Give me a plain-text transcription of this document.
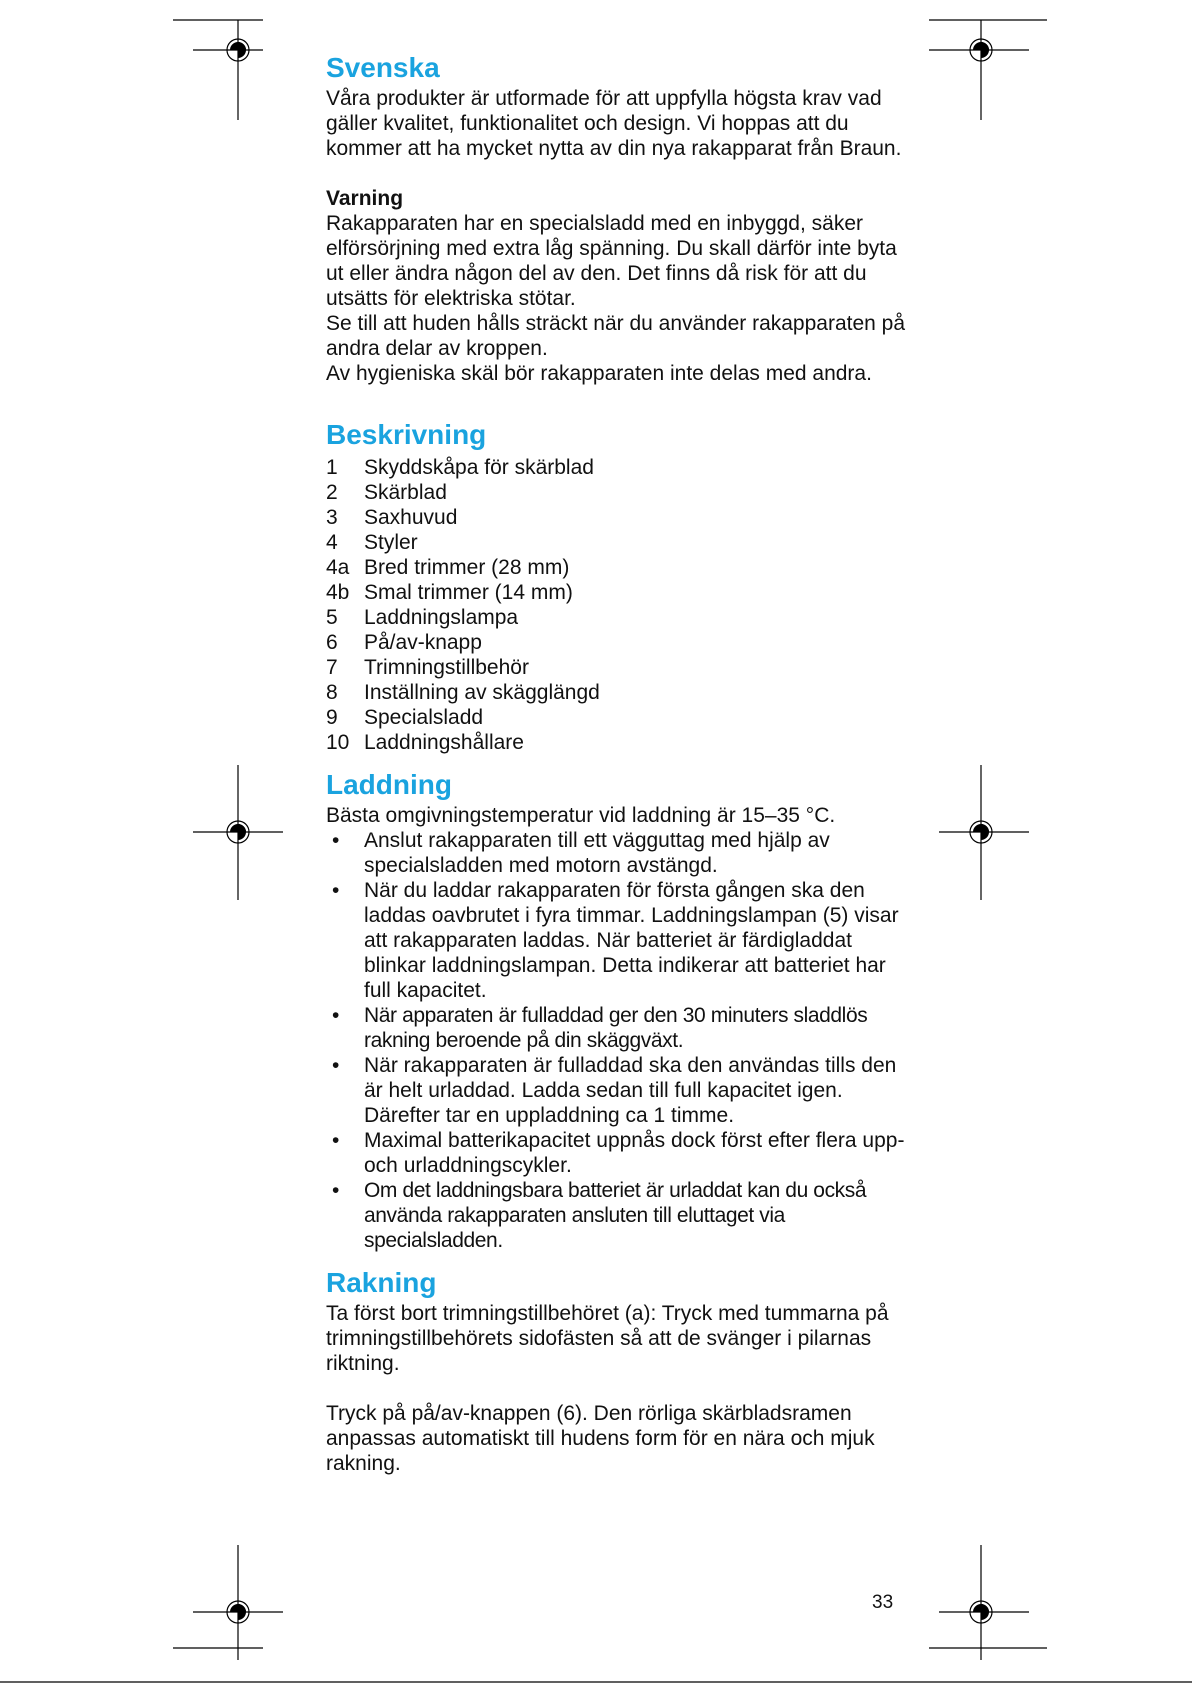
Svenska

Våra produkter är utformade för att uppfylla högsta krav vad gäller kvalitet, funktionalitet och design. Vi hoppas att du kommer att ha mycket nytta av din nya rakapparat från Braun.

Varning

Rakapparaten har en specialsladd med en inbyggd, säker elförsörjning med extra låg spänning. Du skall därför inte byta ut eller ändra någon del av den. Det finns då risk för att du utsätts för elektriska stötar.

Se till att huden hålls sträckt när du använder rakapparaten på andra delar av kroppen.

Av hygieniska skäl bör rakapparaten inte delas med andra.

Beskrivning
1	Skyddskåpa för skärblad
2	Skärblad
3	Saxhuvud
4	Styler
4a Bred trimmer (28 mm)
4b Smal trimmer (14 mm)
5	Laddningslampa
6	På/av-knapp
7	Trimningstillbehör
8	Inställning av skägglängd
9	Specialsladd
10 Laddningshållare
Laddning

Bästa omgivningstemperatur vid laddning är 15–35 °C.

•	Anslut rakapparaten till ett vägguttag med hjälp av specialsladden med motorn avstängd.
•	När du laddar rakapparaten för första gången ska den laddas oavbrutet i fyra timmar. Laddningslampan (5) visar att rakapparaten laddas. När batteriet är färdigladdat blinkar laddningslampan. Detta indikerar att batteriet har full kapacitet.
•	När apparaten är fulladdad ger den 30 minuters sladdlös rakning beroende på din skäggväxt.
•	När rakapparaten är fulladdad ska den användas tills den är helt urladdad. Ladda sedan till full kapacitet igen. Därefter tar en uppladdning ca 1 timme.
•	Maximal batterikapacitet uppnås dock först efter flera upp- och urladdningscykler.
•	Om det laddningsbara batteriet är urladdat kan du också använda rakapparaten ansluten till eluttaget via specialsladden.
Rakning

Ta först bort trimningstillbehöret (a): Tryck med tummarna på trimningstillbehörets sidofästen så att de svänger i pilarnas riktning.

Tryck på på/av-knappen (6). Den rörliga skärbladsramen anpassas automatiskt till hudens form för en nära och mjuk rakning.

33
